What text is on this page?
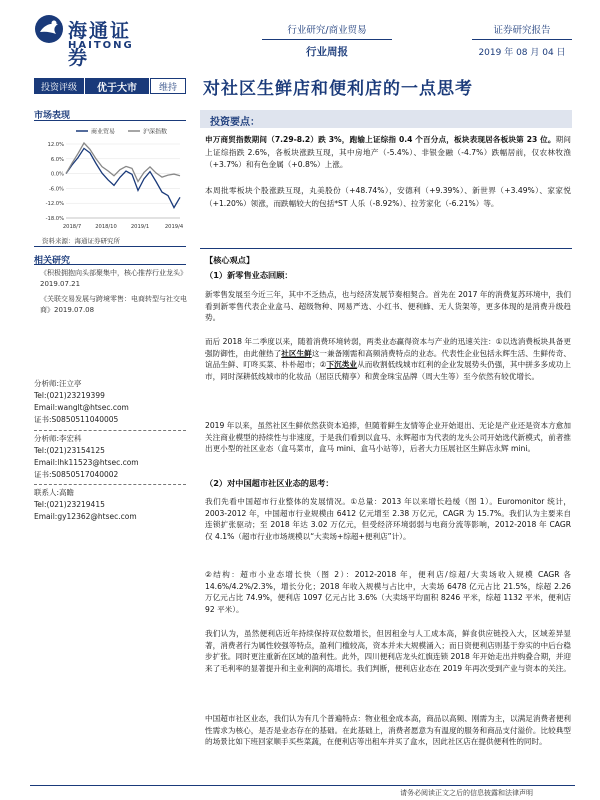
海通证券
HAITONG
行业研究/商业贸易
行业周报
证券研究报告
2019 年 08 月 04 日
投资评级	优于大市	维持	对社区生鲜店和便利店的一点思考
市场表现
商业贸易	沪深指数
12.0%
6.0%
0.0%
-6.0%
-12.0%
-18.0%
2018/7	2018/10	2019/1	2019/4
资料来源：海通证券研究所
相关研究
《积极拥抱向头部聚集中，核心推荐行业龙头》2019.07.21
《关联交易发展与跨境零售：电商转型与社交电商》2019.07.08
分析师:汪立亭
Tel:(021)23219399
Email:wanglt@htsec.com
证书:S0850511040005
分析师:李宏科
Tel:(021)23154125
Email:lhk11523@htsec.com
证书:S0850517040002
联系人:高瞻
Tel:(021)23219415
Email:gy12362@htsec.com
投资要点：
申万商贸指数期间（7.29-8.2）跌 3%，跑输上证综指 0.4 个百分点，板块表现居各板块第 23 位。期间上证综指跌 2.6%，各板块涨跌互现，其中房地产（-5.4%）、非银金融（-4.7%）跌幅居前，仅农林牧渔（+3.7%）和有色金属（+0.8%）上涨。
本周批零板块个股涨跌互现，丸美股份（+48.74%），安德利（+9.39%）、新世界（+3.49%）、家家悦（+1.20%）领涨，而跌幅较大的包括*ST 人乐（-8.92%）、拉芳家化（-6.21%）等。
【核心观点】
（1）新零售业态回顾：
新零售发展至今近三年，其中不乏热点，也与经济发展节奏相契合。首先在 2017 年的消费复苏环境中，我们看到新零售代表企业盒马、超级物种、网易严选、小红书、便利蜂、无人货架等，更多体现的是消费升级趋势。
而后 2018 年二季度以来，随着消费环境转弱，两类业态赢得资本与产业的迅速关注：①以选消费板块具备更强防御性，由此催热了社区生鲜这一兼备刚需和高频消费特点的业态。代表性企业包括永辉生活、生鲜传奇、谊品生鲜、叮咚买菜、朴朴超市；②下沉类业从而收割低线城市红利的企业发展势头仍强，其中拼多多成功上市，同时深耕低线城市的化妆品（屈臣氏精享）和黄金珠宝品牌（周大生等）至今依然有较优增长。
2019 年以来，虽然社区生鲜依然获资本追捧，但随着鲜生友情等企业开始退出、无论是产业还是资本方愈加关注商业模型的持续性与非速度，于是我们看到以盒马、永辉超市为代表的龙头公司开始选代新模式，前者推出更小型的社区业态（盒马菜市，盒马 mini、盒马小站等），后者大力压展社区生鲜店永辉 mini。
（2）对中国超市社区业态的思考：
我们先看中国超市行业整体的发展情况。①总量：2013 年以来增长趋缓（图 1）。Euromonitor 统计，2003-2012 年，中国超市行业规模由 6412 亿元增至 2.38 万亿元，CAGR 为 15.7%。我们认为主要来自连锁扩张驱动；至 2018 年达 3.02 万亿元，但受经济环境弱弱与电商分流等影响，2012-2018 年 CAGR 仅 4.1%（超市行业市场规模以“大卖场+综超+便利店”计）。
②结构：超市小业态增长快（图 2）：2012-2018 年，便利店/综超/大卖场收入规模 CAGR 各 14.6%/4.2%/2.3%，增长分化；2018 年收入规模与占比中，大卖场 6478 亿元占比 21.5%，综超 2.26 万亿元占比 74.9%，便利店 1097 亿元占比 3.6%（大卖场平均面积 8246 平米，综超 1132 平米，便利店 92 平米）。
我们认为，虽然便利店近年持续保持双位数增长，但因租金与人工成本高，鲜食供应链投入大，区域差异显著，消费者行为属性较强等特点，盈利门槛较高，资本并未大规模涌入；而日资便利店则基于券实的中后台稳步扩张。同时更注重新在区域的盈利性。此外，四川便利店龙头红旗连锁 2018 年开始走出并购叠合期，并迎来了毛利率的显著提升和主业利润的高增长。我们判断，便利店业态在 2019 年再次受到产业与资本的关注。
中国超市社区业态，我们认为有几个普遍特点：物业租金成本高，商品以高频、刚需为主，以满足消费者便利性需求为核心，是否是业态存在的基础。在此基础上，消费者愿意为有温度的服务和商品支付溢价。比较典型的场景比如下班回家顺手买些菜蔬，在便利店等出租车并买了盒水，因此社区店在提供便利性的同时。
请务必阅读正文之后的信息披露和法律声明
